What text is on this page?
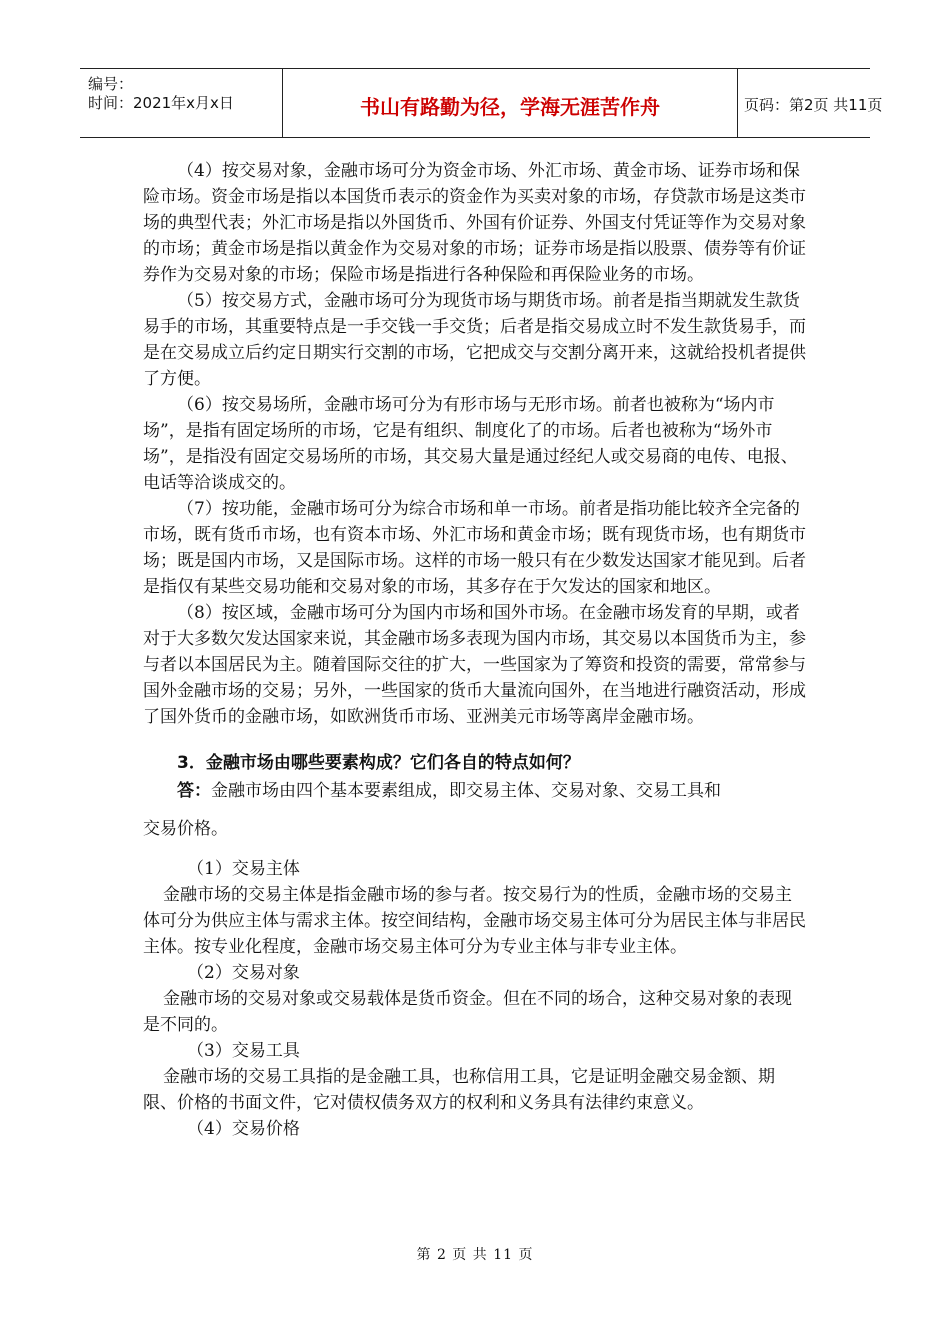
编号：
时间：2021年x月x日	书山有路勤为径，学海无涯苦作舟	页码：第2页 共11页

（4）按交易对象，金融市场可分为资金市场、外汇市场、黄金市场、证券市场和保险市场。资金市场是指以本国货币表示的资金作为买卖对象的市场，存贷款市场是这类市场的典型代表；外汇市场是指以外国货币、外国有价证券、外国支付凭证等作为交易对象的市场；黄金市场是指以黄金作为交易对象的市场；证券市场是指以股票、债券等有价证券作为交易对象的市场；保险市场是指进行各种保险和再保险业务的市场。

（5）按交易方式，金融市场可分为现货市场与期货市场。前者是指当期就发生款货易手的市场，其重要特点是一手交钱一手交货；后者是指交易成立时不发生款货易手，而是在交易成立后约定日期实行交割的市场，它把成交与交割分离开来，这就给投机者提供了方便。

（6）按交易场所，金融市场可分为有形市场与无形市场。前者也被称为“场内市场”，是指有固定场所的市场，它是有组织、制度化了的市场。后者也被称为“场外市场”，是指没有固定交易场所的市场，其交易大量是通过经纪人或交易商的电传、电报、电话等洽谈成交的。

（7）按功能，金融市场可分为综合市场和单一市场。前者是指功能比较齐全完备的市场，既有货币市场，也有资本市场、外汇市场和黄金市场；既有现货市场，也有期货市场；既是国内市场，又是国际市场。这样的市场一般只有在少数发达国家才能见到。后者是指仅有某些交易功能和交易对象的市场，其多存在于欠发达的国家和地区。

（8）按区域，金融市场可分为国内市场和国外市场。在金融市场发育的早期，或者对于大多数欠发达国家来说，其金融市场多表现为国内市场，其交易以本国货币为主，参与者以本国居民为主。随着国际交往的扩大，一些国家为了筹资和投资的需要，常常参与国外金融市场的交易；另外，一些国家的货币大量流向国外，在当地进行融资活动，形成了国外货币的金融市场，如欧洲货币市场、亚洲美元市场等离岸金融市场。

3．金融市场由哪些要素构成？它们各自的特点如何？

答：金融市场由四个基本要素组成，即交易主体、交易对象、交易工具和

交易价格。

（1）交易主体

金融市场的交易主体是指金融市场的参与者。按交易行为的性质，金融市场的交易主体可分为供应主体与需求主体。按空间结构，金融市场交易主体可分为居民主体与非居民主体。按专业化程度，金融市场交易主体可分为专业主体与非专业主体。

（2）交易对象

金融市场的交易对象或交易载体是货币资金。但在不同的场合，这种交易对象的表现是不同的。

（3）交易工具

金融市场的交易工具指的是金融工具，也称信用工具，它是证明金融交易金额、期限、价格的书面文件，它对债权债务双方的权利和义务具有法律约束意义。

（4）交易价格

第 2 页 共 11 页
